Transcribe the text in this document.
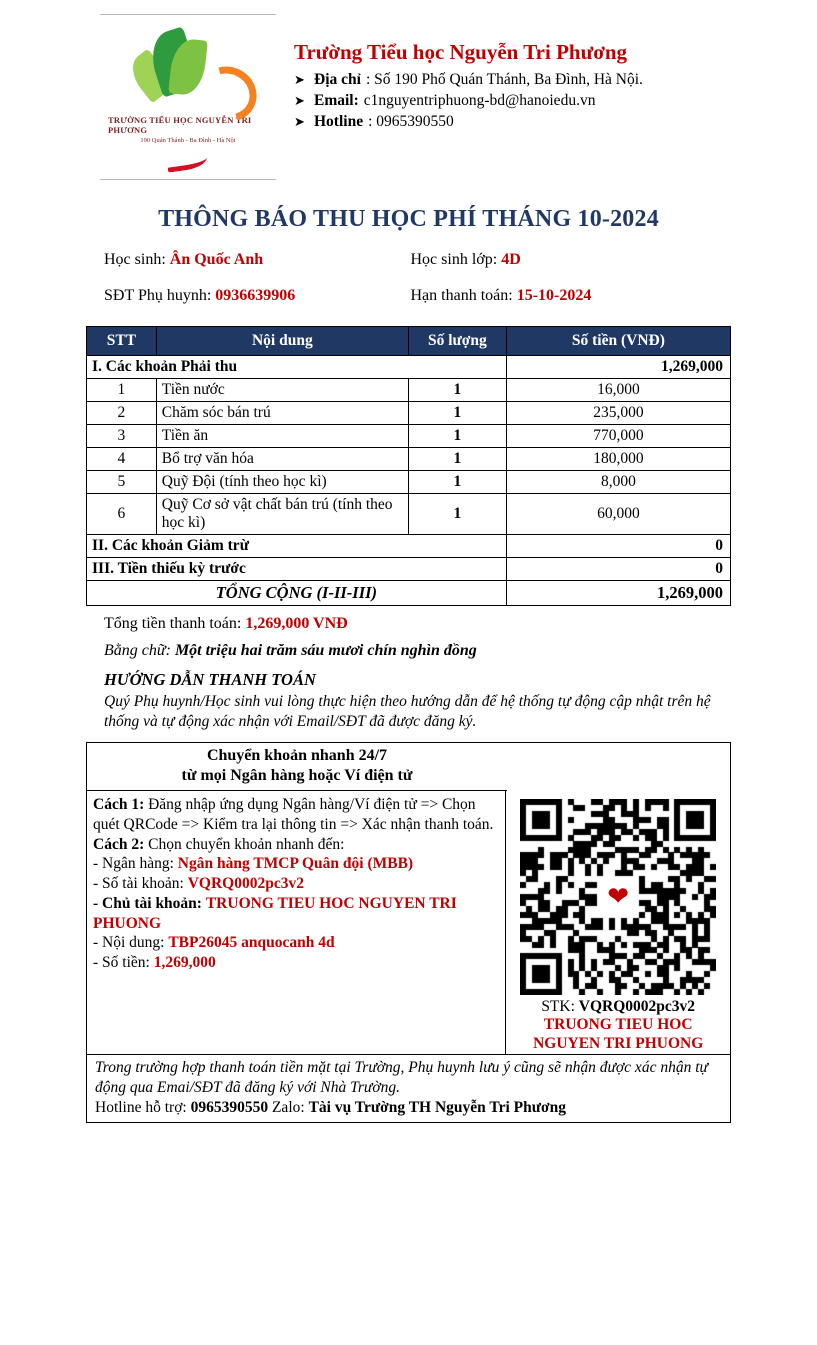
TRƯỜNG TIỂU HỌC NGUYỄN TRI PHƯƠNG
190 Quán Thánh - Ba Đình - Hà Nội
Trường Tiểu học Nguyễn Tri Phương
➤ Địa chỉ : Số 190 Phố Quán Thánh, Ba Đình, Hà Nội.
➤ Email: c1nguyentriphuong-bd@hanoiedu.vn
➤ Hotline : 0965390550
THÔNG BÁO THU HỌC PHÍ THÁNG 10-2024
Học sinh: Ân Quốc Anh
SĐT Phụ huynh: 0936639906
Học sinh lớp: 4D
Hạn thanh toán: 15-10-2024
STT	Nội dung	Số lượng	Số tiền (VNĐ)
I. Các khoản Phải thu			1,269,000
1	Tiền nước	1	16,000
2	Chăm sóc bán trú	1	235,000
3	Tiền ăn	1	770,000
4	Bổ trợ văn hóa	1	180,000
5	Quỹ Đội (tính theo học kì)	1	8,000
6	Quỹ Cơ sở vật chất bán trú (tính theo học kì)	1	60,000
II. Các khoản Giảm trừ			0
III. Tiền thiếu kỳ trước			0
TỔNG CỘNG (I-II-III)			1,269,000
Tổng tiền thanh toán: 1,269,000 VNĐ
Bằng chữ: Một triệu hai trăm sáu mươi chín nghìn đồng
HƯỚNG DẪN THANH TOÁN
Quý Phụ huynh/Học sinh vui lòng thực hiện theo hướng dẫn để hệ thống tự động cập nhật trên hệ thống và tự động xác nhận với Email/SĐT đã được đăng ký.
Chuyển khoản nhanh 24/7
từ mọi Ngân hàng hoặc Ví điện tử
Cách 1: Đăng nhập ứng dụng Ngân hàng/Ví điện tử => Chọn quét QRCode => Kiểm tra lại thông tin => Xác nhận thanh toán.
Cách 2: Chọn chuyển khoản nhanh đến:
- Ngân hàng: Ngân hàng TMCP Quân đội (MBB)
- Số tài khoản: VQRQ0002pc3v2
- Chủ tài khoản: TRUONG TIEU HOC NGUYEN TRI PHUONG
- Nội dung: TBP26045 anquocanh 4d
- Số tiền: 1,269,000
❤
STK: VQRQ0002pc3v2
TRUONG TIEU HOC
NGUYEN TRI PHUONG
Trong trường hợp thanh toán tiền mặt tại Trường, Phụ huynh lưu ý cũng sẽ nhận được xác nhận tự động qua Emai/SĐT đã đăng ký với Nhà Trường.
Hotline hỗ trợ: 0965390550 Zalo: Tài vụ Trường TH Nguyễn Tri Phương
